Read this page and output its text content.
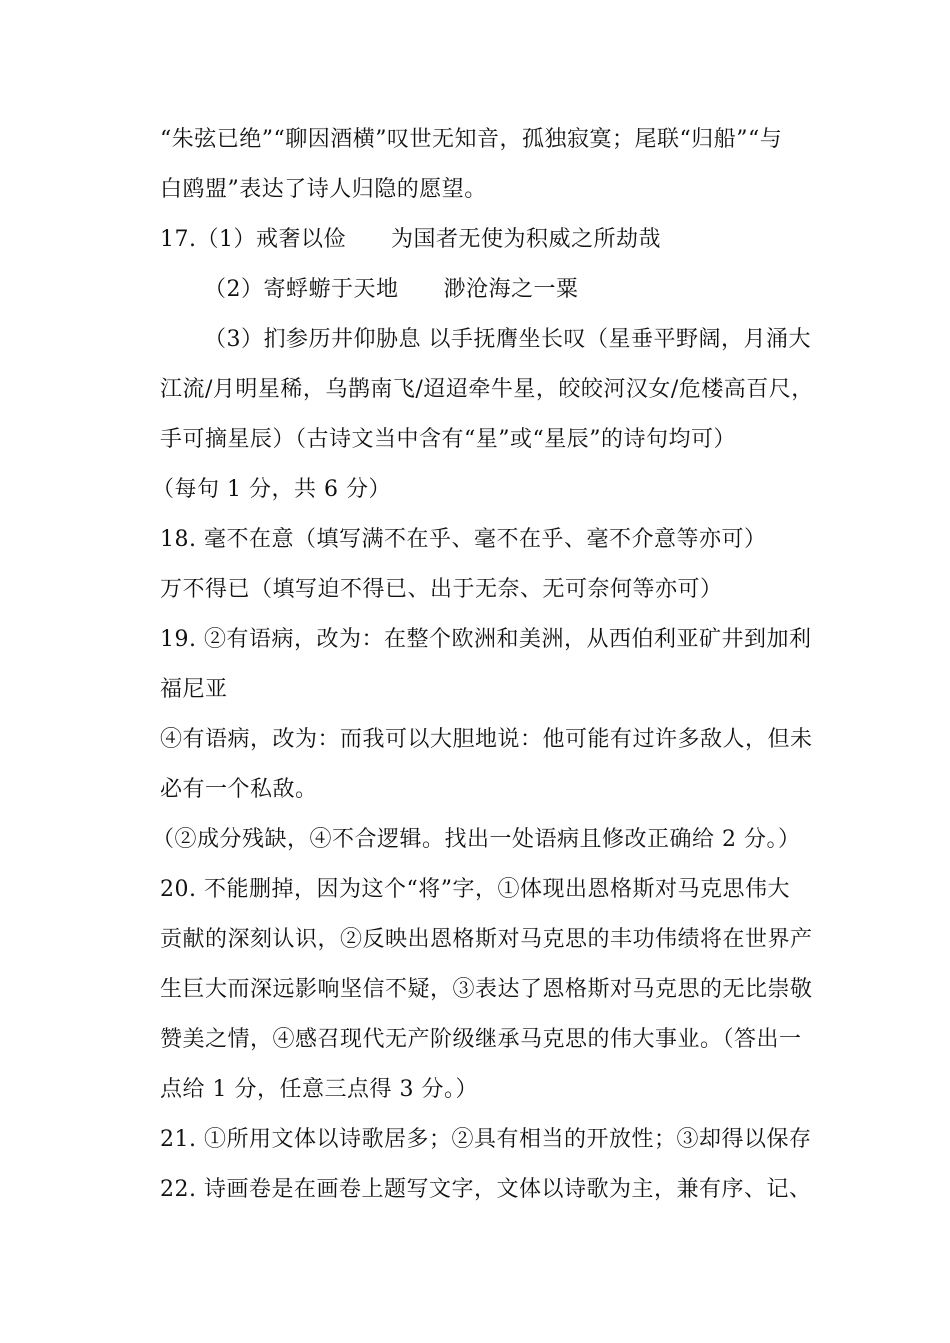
“朱弦已绝”“聊因酒横”叹世无知音，孤独寂寞；尾联“归船”“与
白鸥盟”表达了诗人归隐的愿望。
17.（1）戒奢以俭　　为国者无使为积威之所劫哉
（2）寄蜉蝣于天地　　渺沧海之一粟
（3）扪参历井仰胁息 以手抚膺坐长叹（星垂平野阔，月涌大
江流/月明星稀，乌鹊南飞/迢迢牵牛星，皎皎河汉女/危楼高百尺，
手可摘星辰）（古诗文当中含有“星”或“星辰”的诗句均可）
（每句 1 分，共 6 分）
18. 毫不在意（填写满不在乎、毫不在乎、毫不介意等亦可）
万不得已（填写迫不得已、出于无奈、无可奈何等亦可）
19. ②有语病，改为：在整个欧洲和美洲，从西伯利亚矿井到加利
福尼亚
④有语病，改为：而我可以大胆地说：他可能有过许多敌人，但未
必有一个私敌。
（②成分残缺，④不合逻辑。找出一处语病且修改正确给 2 分。）
20. 不能删掉，因为这个“将”字，①体现出恩格斯对马克思伟大
贡献的深刻认识，②反映出恩格斯对马克思的丰功伟绩将在世界产
生巨大而深远影响坚信不疑，③表达了恩格斯对马克思的无比崇敬
赞美之情，④感召现代无产阶级继承马克思的伟大事业。（答出一
点给 1 分，任意三点得 3 分。）
21. ①所用文体以诗歌居多；②具有相当的开放性；③却得以保存
22. 诗画卷是在画卷上题写文字，文体以诗歌为主，兼有序、记、
